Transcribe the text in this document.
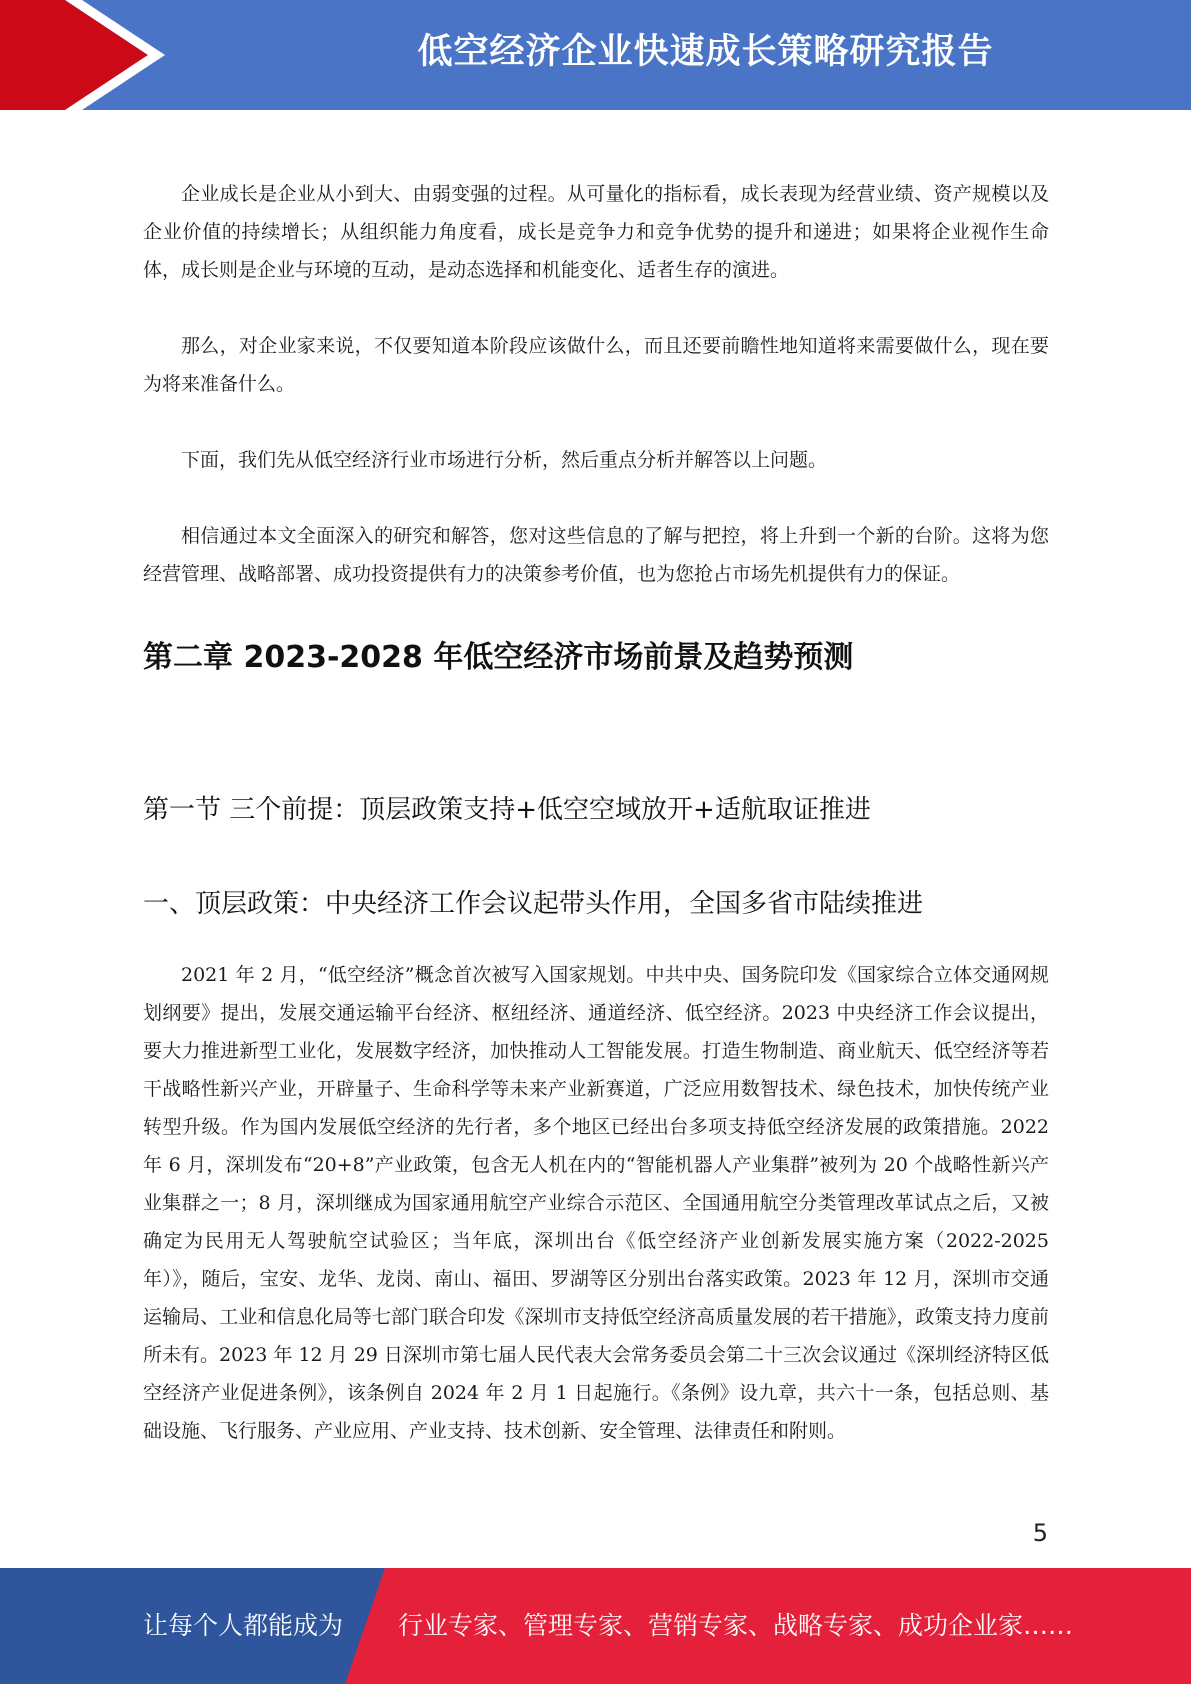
低空经济企业快速成长策略研究报告

企业成长是企业从小到大、由弱变强的过程。从可量化的指标看，成长表现为经营业绩、资产规模以及企业价值的持续增长；从组织能力角度看，成长是竞争力和竞争优势的提升和递进；如果将企业视作生命体，成长则是企业与环境的互动，是动态选择和机能变化、适者生存的演进。

那么，对企业家来说，不仅要知道本阶段应该做什么，而且还要前瞻性地知道将来需要做什么，现在要为将来准备什么。

下面，我们先从低空经济行业市场进行分析，然后重点分析并解答以上问题。

相信通过本文全面深入的研究和解答，您对这些信息的了解与把控，将上升到一个新的台阶。这将为您经营管理、战略部署、成功投资提供有力的决策参考价值，也为您抢占市场先机提供有力的保证。

第二章 2023-2028 年低空经济市场前景及趋势预测
第一节 三个前提：顶层政策支持+低空空域放开+适航取证推进
一、顶层政策：中央经济工作会议起带头作用，全国多省市陆续推进

2021 年 2 月，“低空经济”概念首次被写入国家规划。中共中央、国务院印发《国家综合立体交通网规划纲要》提出，发展交通运输平台经济、枢纽经济、通道经济、低空经济。2023 中央经济工作会议提出，要大力推进新型工业化，发展数字经济，加快推动人工智能发展。打造生物制造、商业航天、低空经济等若干战略性新兴产业，开辟量子、生命科学等未来产业新赛道，广泛应用数智技术、绿色技术，加快传统产业转型升级。作为国内发展低空经济的先行者，多个地区已经出台多项支持低空经济发展的政策措施。2022 年 6 月，深圳发布“20+8”产业政策，包含无人机在内的“智能机器人产业集群”被列为 20 个战略性新兴产业集群之一；8 月，深圳继成为国家通用航空产业综合示范区、全国通用航空分类管理改革试点之后，又被确定为民用无人驾驶航空试验区；当年底，深圳出台《低空经济产业创新发展实施方案（2022-2025 年）》，随后，宝安、龙华、龙岗、南山、福田、罗湖等区分别出台落实政策。2023 年 12 月，深圳市交通运输局、工业和信息化局等七部门联合印发《深圳市支持低空经济高质量发展的若干措施》，政策支持力度前所未有。2023 年 12 月 29 日深圳市第七届人民代表大会常务委员会第二十三次会议通过《深圳经济特区低空经济产业促进条例》，该条例自 2024 年 2 月 1 日起施行。《条例》设九章，共六十一条，包括总则、基础设施、飞行服务、产业应用、产业支持、技术创新、安全管理、法律责任和附则。

5
让每个人都能成为 行业专家、管理专家、营销专家、战略专家、成功企业家……
